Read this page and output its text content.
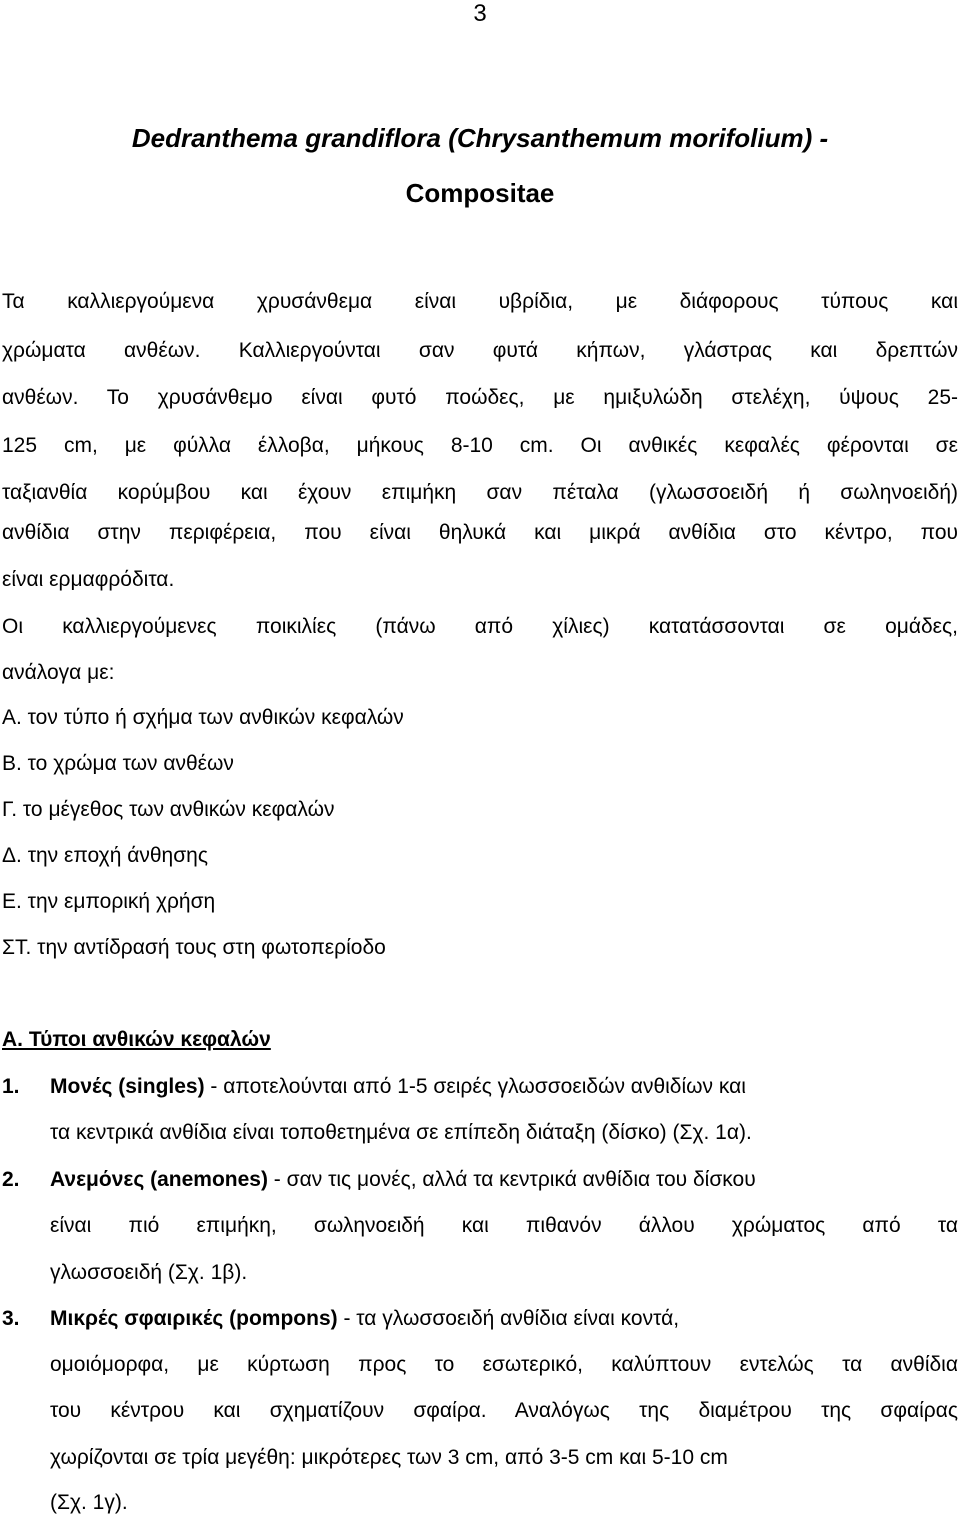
3
Dedranthema grandiflora (Chrysanthemum morifolium) -
Compositae
Τα καλλιεργούμενα χρυσάνθεμα είναι υβρίδια, με διάφορους τύπους και
χρώματα ανθέων. Καλλιεργούνται σαν φυτά κήπων, γλάστρας και δρεπτών
ανθέων. Το χρυσάνθεμο είναι φυτό ποώδες, με ημιξυλώδη στελέχη, ύψους 25-
125 cm, με φύλλα έλλοβα, μήκους 8-10 cm. Οι ανθικές κεφαλές φέρονται σε
ταξιανθία κορύμβου και έχουν επιμήκη σαν πέταλα (γλωσσοειδή ή σωληνοειδή)
ανθίδια στην περιφέρεια, που είναι θηλυκά και μικρά ανθίδια στο κέντρο, που
είναι ερμαφρόδιτα.
Οι καλλιεργούμενες ποικιλίες (πάνω από χίλιες) κατατάσσονται σε ομάδες,
ανάλογα με:
Α. τον τύπο ή σχήμα των ανθικών κεφαλών
Β. το χρώμα των ανθέων
Γ. το μέγεθος των ανθικών κεφαλών
Δ. την εποχή άνθησης
Ε. την εμπορική χρήση
ΣΤ. την αντίδρασή τους στη φωτοπερίοδο
Α. Τύποι ανθικών κεφαλών
1. Μονές (singles) - αποτελούνται από 1-5 σειρές γλωσσοειδών ανθιδίων και
τα κεντρικά ανθίδια είναι τοποθετημένα σε επίπεδη διάταξη (δίσκο) (Σχ. 1α).
2. Ανεμόνες (anemones) - σαν τις μονές, αλλά τα κεντρικά ανθίδια του δίσκου
είναι πιό επιμήκη, σωληνοειδή και πιθανόν άλλου χρώματος από τα
γλωσσοειδή (Σχ. 1β).
3. Μικρές σφαιρικές (pompons) - τα γλωσσοειδή ανθίδια είναι κοντά,
ομοιόμορφα, με κύρτωση προς το εσωτερικό, καλύπτουν εντελώς τα ανθίδια
του κέντρου και σχηματίζουν σφαίρα. Αναλόγως της διαμέτρου της σφαίρας
χωρίζονται σε τρία μεγέθη: μικρότερες των 3 cm, από 3-5 cm και 5-10 cm
(Σχ. 1γ).
